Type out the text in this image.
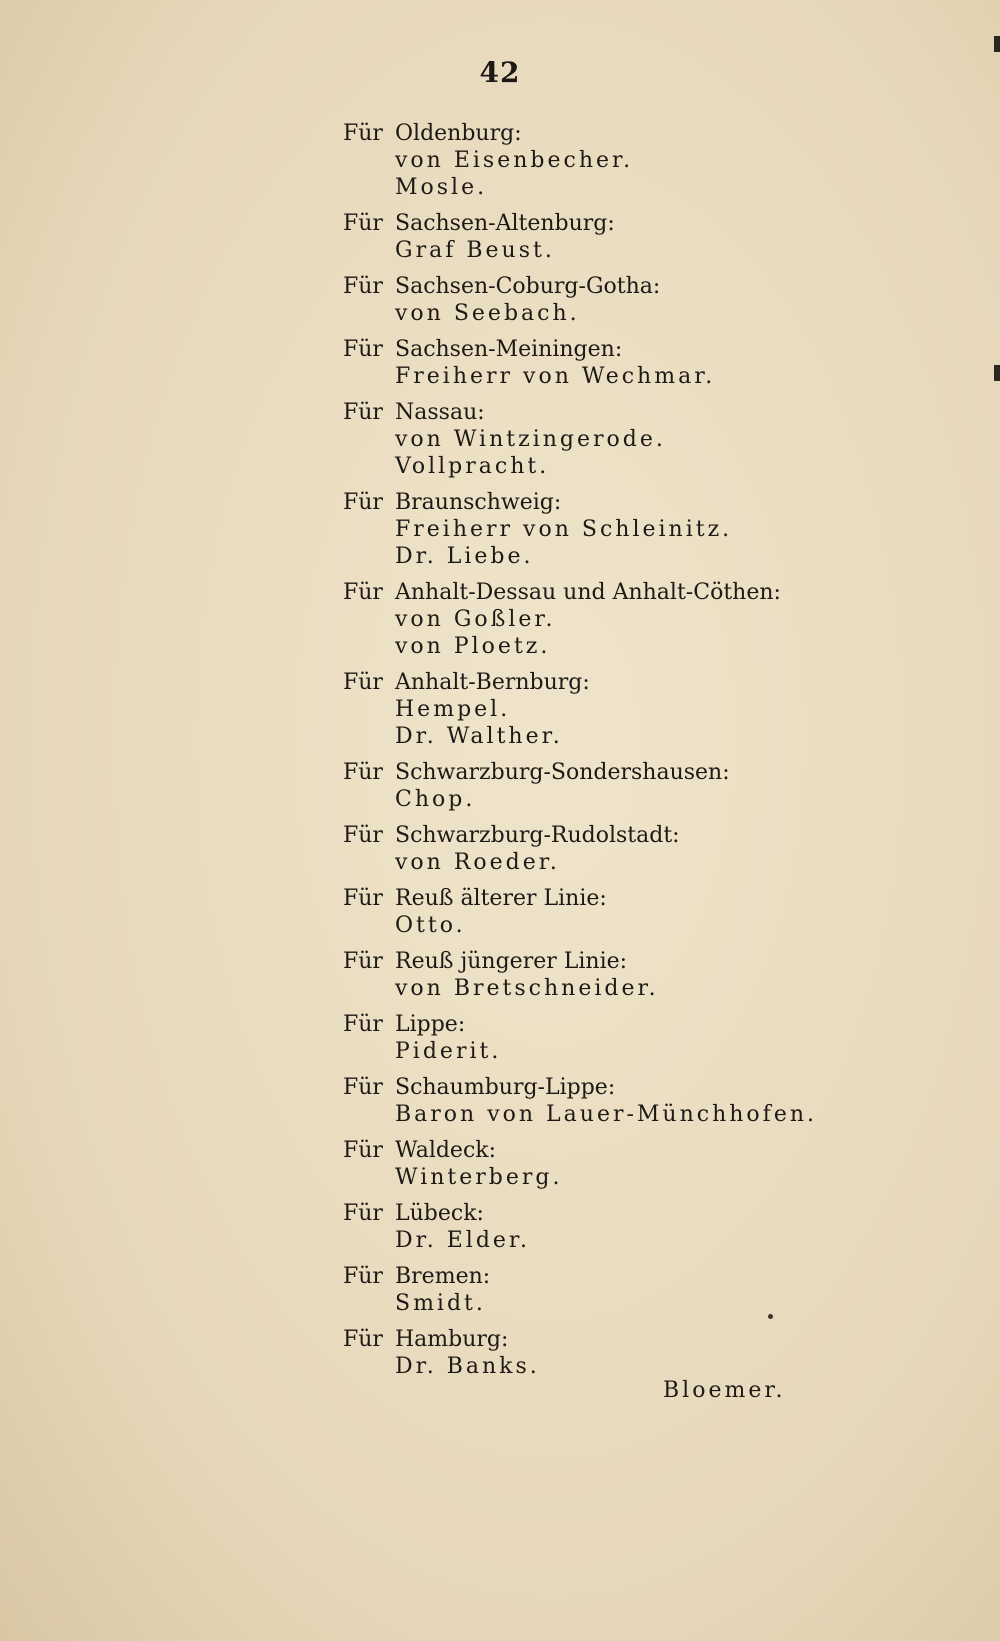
42
Für Oldenburg:
von Eisenbecher.
Mosle.
Für Sachsen-Altenburg:
Graf Beust.
Für Sachsen-Coburg-Gotha:
von Seebach.
Für Sachsen-Meiningen:
Freiherr von Wechmar.
Für Nassau:
von Wintzingerode.
Vollpracht.
Für Braunschweig:
Freiherr von Schleinitz.
Dr. Liebe.
Für Anhalt-Dessau und Anhalt-Cöthen:
von Goßler.
von Ploetz.
Für Anhalt-Bernburg:
Hempel.
Dr. Walther.
Für Schwarzburg-Sondershausen:
Chop.
Für Schwarzburg-Rudolstadt:
von Roeder.
Für Reuß älterer Linie:
Otto.
Für Reuß jüngerer Linie:
von Bretschneider.
Für Lippe:
Piderit.
Für Schaumburg-Lippe:
Baron von Lauer-Münchhofen.
Für Waldeck:
Winterberg.
Für Lübeck:
Dr. Elder.
Für Bremen:
Smidt.
Für Hamburg:
Dr. Banks.
Bloemer.
